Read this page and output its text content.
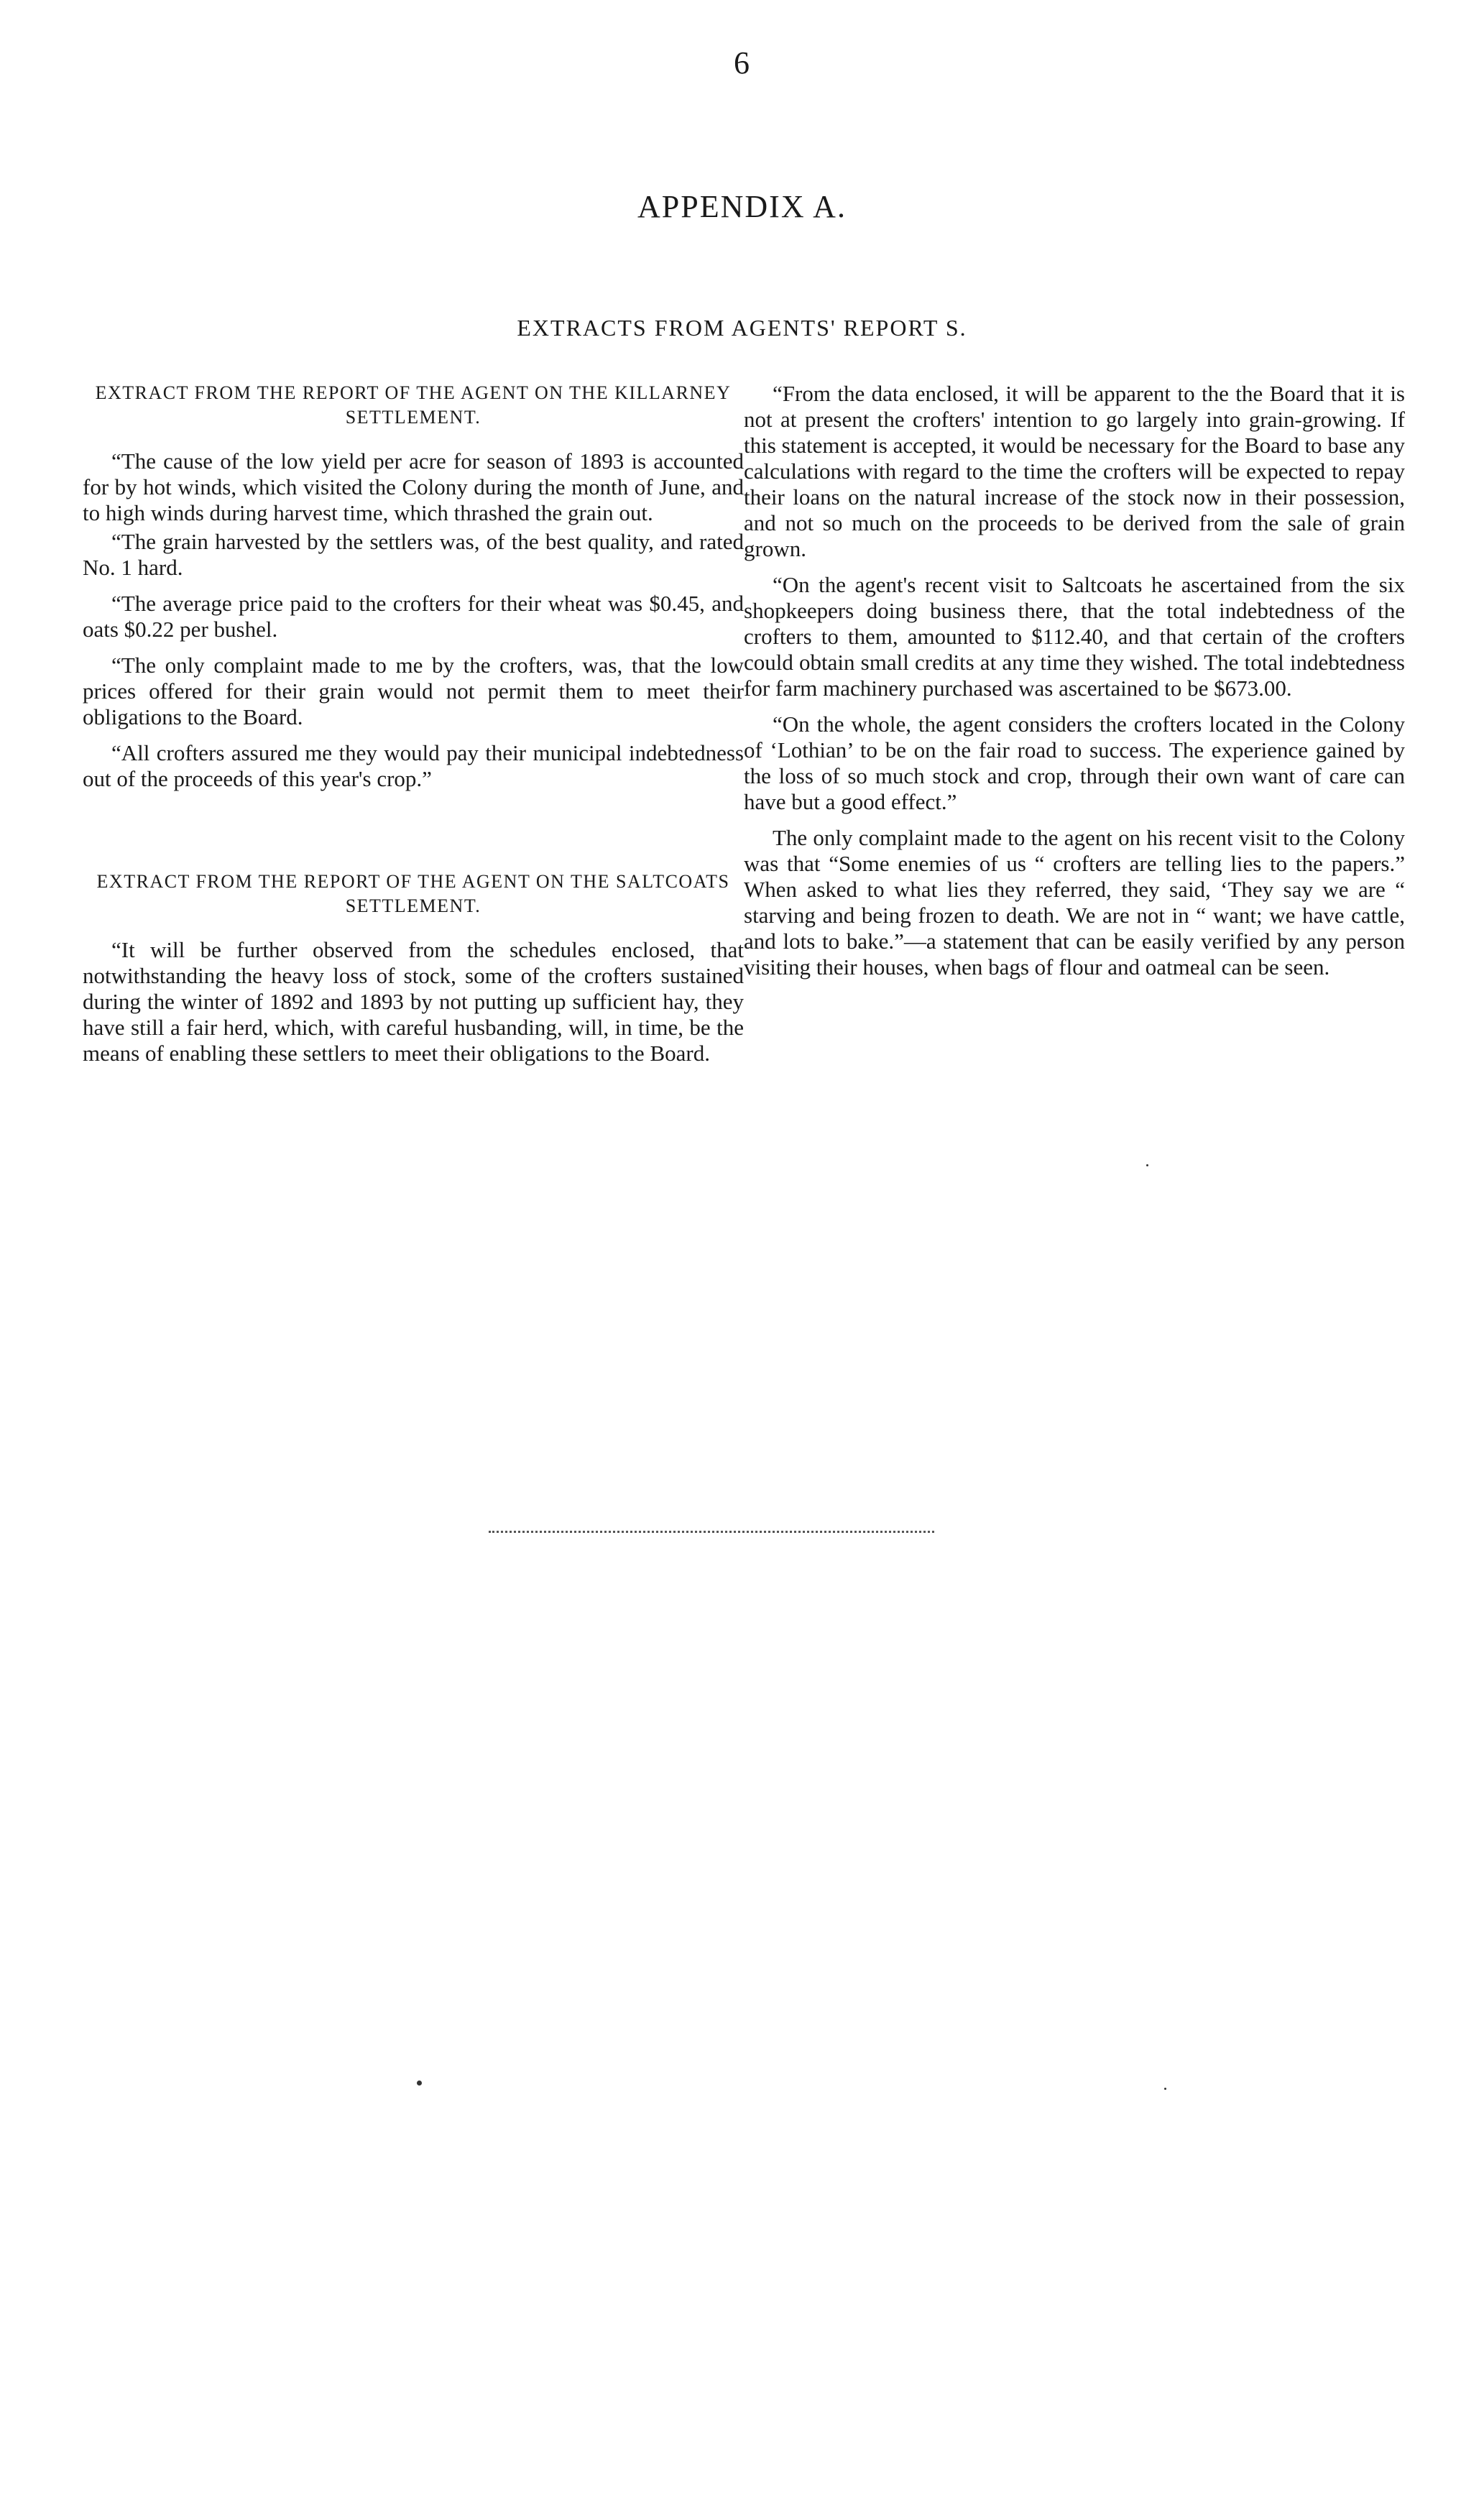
6
APPENDIX A.
EXTRACTS FROM AGENTS' REPORT S.
EXTRACT FROM THE REPORT OF THE AGENT ON THE KILLARNEY SETTLEMENT.

“The cause of the low yield per acre for season of 1893 is accounted for by hot winds, which visited the Colony during the month of June, and to high winds during harvest time, which thrashed the grain out.

“The grain harvested by the settlers was, of the best quality, and rated No. 1 hard.

“The average price paid to the crofters for their wheat was $0.45, and oats $0.22 per bushel.

“The only complaint made to me by the crofters, was, that the low prices offered for their grain would not permit them to meet their obligations to the Board.

“All crofters assured me they would pay their municipal indebtedness out of the proceeds of this year's crop.”

EXTRACT FROM THE REPORT OF THE AGENT ON THE SALTCOATS SETTLEMENT.

“It will be further observed from the schedules enclosed, that notwithstanding the heavy loss of stock, some of the crofters sustained during the winter of 1892 and 1893 by not putting up sufficient hay, they have still a fair herd, which, with careful husbanding, will, in time, be the means of enabling these settlers to meet their obligations to the Board.

“From the data enclosed, it will be apparent to the the Board that it is not at present the crofters' intention to go largely into grain-growing. If this statement is accepted, it would be necessary for the Board to base any calculations with regard to the time the crofters will be expected to repay their loans on the natural increase of the stock now in their possession, and not so much on the proceeds to be derived from the sale of grain grown.

“On the agent's recent visit to Saltcoats he ascertained from the six shopkeepers doing business there, that the total indebtedness of the crofters to them, amounted to $112.40, and that certain of the crofters could obtain small credits at any time they wished. The total indebtedness for farm machinery purchased was ascertained to be $673.00.

“On the whole, the agent considers the crofters located in the Colony of ‘Lothian’ to be on the fair road to success. The experience gained by the loss of so much stock and crop, through their own want of care can have but a good effect.”

The only complaint made to the agent on his recent visit to the Colony was that “Some enemies of us “ crofters are telling lies to the papers.” When asked to what lies they referred, they said, ‘They say we are “ starving and being frozen to death. We are not in “ want; we have cattle, and lots to bake.”—a statement that can be easily verified by any person visiting their houses, when bags of flour and oatmeal can be seen.
